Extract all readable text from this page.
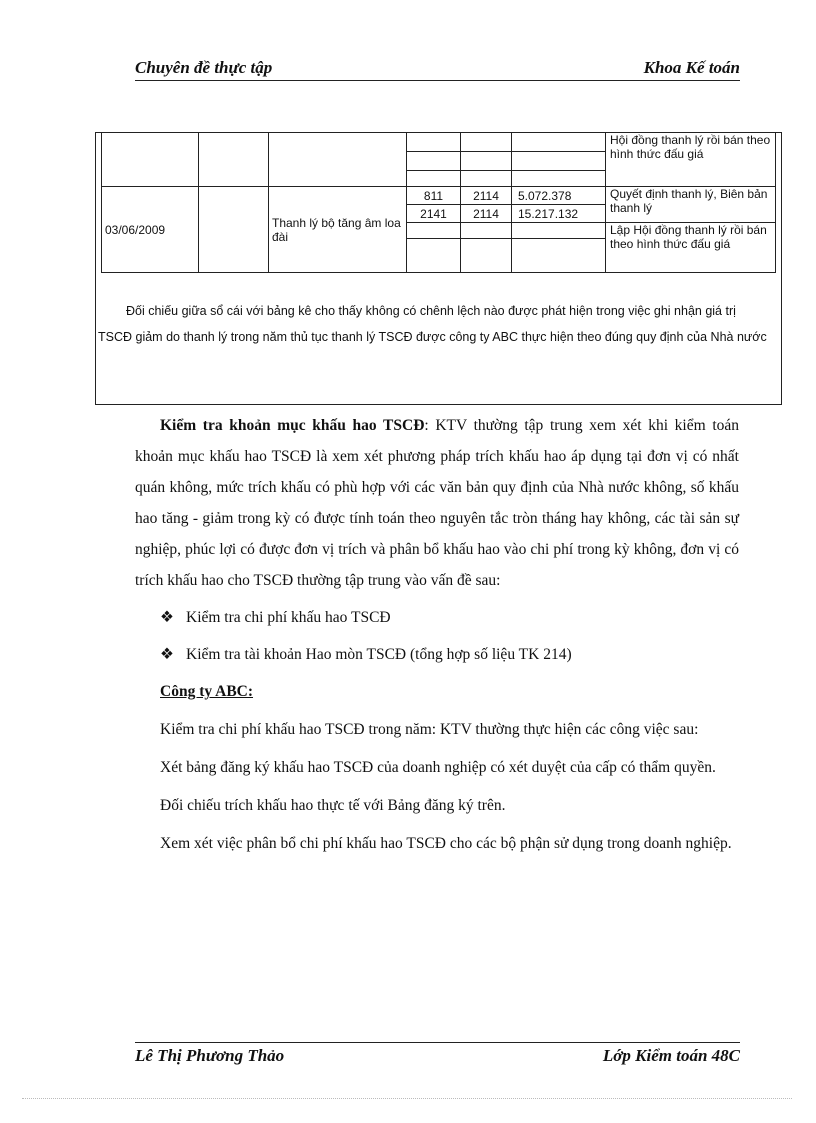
Chuyên đề thực tập	Khoa Kế toán
						Hội đồng thanh lý rồi bán theo hình thức đấu giá

03/06/2009		Thanh lý bộ tăng âm loa đài	811	2114	5.072.378	Quyết định thanh lý, Biên bản thanh lý
			2141	2114	15.217.132	
						Lập Hội đồng thanh lý rồi bán theo hình thức đấu giá

Đối chiếu giữa sổ cái với bảng kê cho thấy không có chênh lệch nào được phát hiện trong việc ghi nhận giá trị TSCĐ giảm do thanh lý trong năm thủ tục thanh lý TSCĐ được công ty ABC thực hiện theo đúng quy định của Nhà nước

Kiểm tra khoản mục khấu hao TSCĐ: KTV thường tập trung xem xét khi kiểm toán khoản mục khấu hao TSCĐ là xem xét phương pháp trích khấu hao áp dụng tại đơn vị có nhất quán không, mức trích khấu có phù hợp với các văn bản quy định của Nhà nước không, số khấu hao tăng - giảm trong kỳ có được tính toán theo nguyên tắc tròn tháng hay không, các tài sản sự nghiệp, phúc lợi có được đơn vị trích và phân bổ khấu hao vào chi phí trong kỳ không, đơn vị có trích khấu hao cho TSCĐ thường tập trung vào vấn đề sau:

❖ Kiểm tra chi phí khấu hao TSCĐ
❖ Kiểm tra tài khoản Hao mòn TSCĐ (tổng hợp số liệu TK 214)
Công ty ABC:

Kiểm tra chi phí khấu hao TSCĐ trong năm: KTV thường thực hiện các công việc sau:

Xét bảng đăng ký khấu hao TSCĐ của doanh nghiệp có xét duyệt của cấp có thẩm quyền.

Đối chiếu trích khấu hao thực tế với Bảng đăng ký trên.

Xem xét việc phân bổ chi phí khấu hao TSCĐ cho các bộ phận sử dụng trong doanh nghiệp.

Lê Thị Phương Thảo	Lớp Kiểm toán 48C
